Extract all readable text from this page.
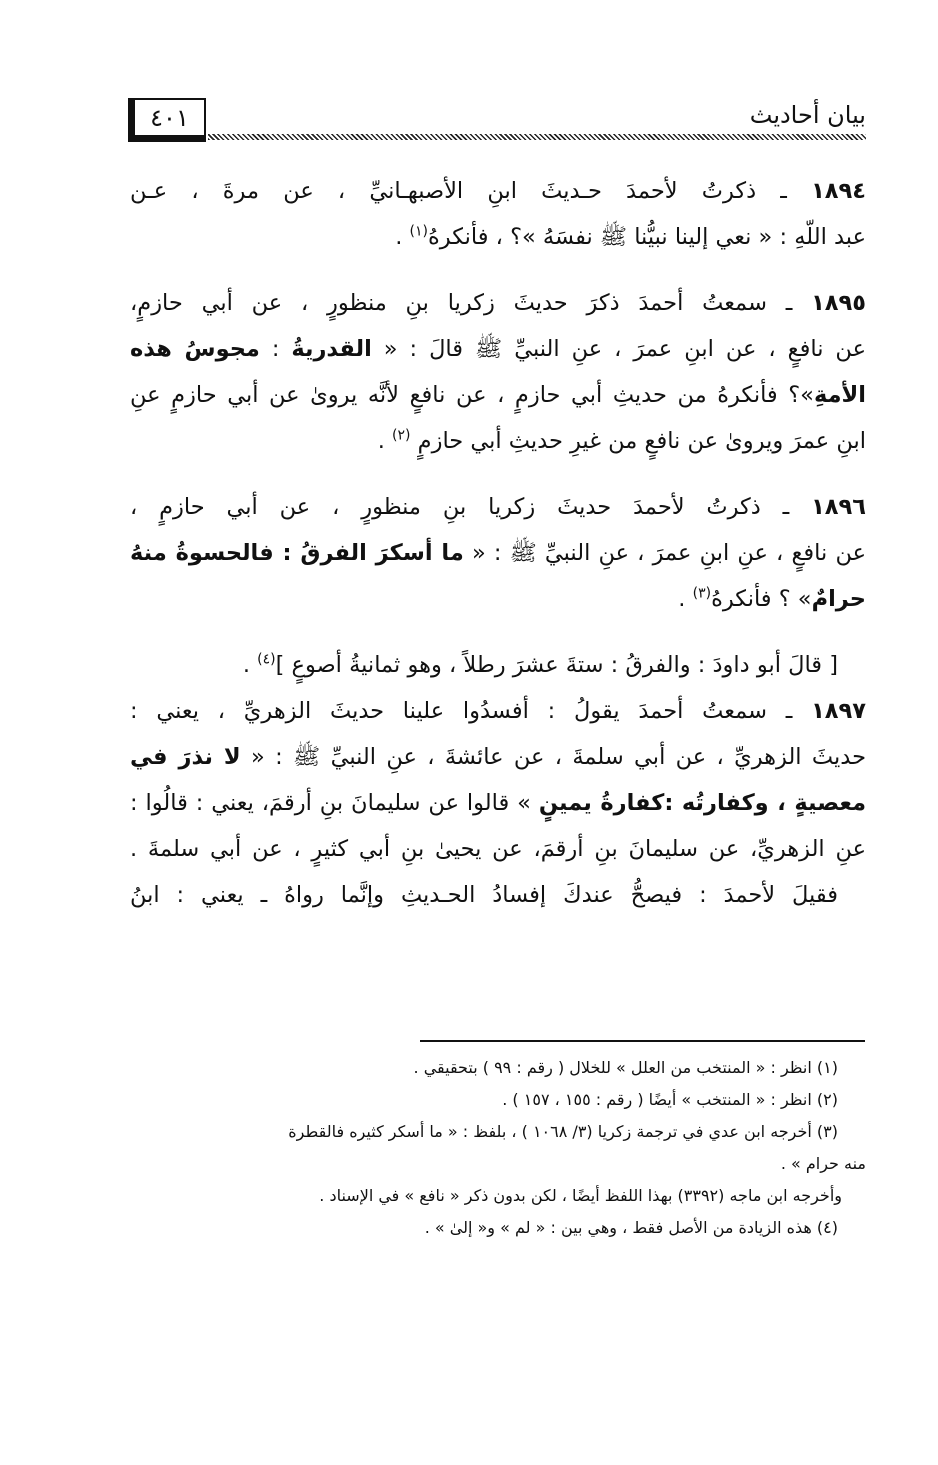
بيان أحاديث
٤٠١
١٨٩٤ ـ ذكرتُ لأحمدَ حـديثَ ابنِ الأصبهـانيِّ ، عن مرةَ ، عـن
عبد اللّهِ : « نعي إلينا نبيُّنا ﷺ نفسَهُ »؟ ، فأنكرهُ$^{(١)}$ .
١٨٩٥ ـ سمعتُ أحمدَ ذكرَ حديثَ زكريا بنِ منظورٍ ، عن أبي حازمٍ،
عن نافعٍ ، عن ابنِ عمرَ ، عنِ النبيِّ ﷺ قالَ : « القدريةُ : مجوسُ هذه
الأمةِ»؟ فأنكرهُ من حديثِ أبي حازمٍ ، عن نافعٍ لأنَّه يروىٰ عن أبي حازمٍ عنِ
ابنِ عمرَ ويروىٰ عن نافعٍ من غيرِ حديثِ أبي حازمٍ $^{(٢)}$ .
١٨٩٦ ـ ذكرتُ لأحمدَ حديثَ زكريا بنِ منظورٍ ، عن أبي حازمٍ ،
عن نافعٍ ، عنِ ابنِ عمرَ ، عنِ النبيِّ ﷺ : « ما أسكرَ الفرقُ : فالحسوةُ منهُ
حرامٌ» ؟ فأنكرهُ$^{(٣)}$ .
[ قالَ أبو داودَ : والفرقُ : ستةَ عشرَ رطلاً ، وهو ثمانيةُ أصوعٍ ]$^{(٤)}$ .
١٨٩٧ ـ سمعتُ أحمدَ يقولُ : أفسدُوا علينا حديثَ الزهريِّ ، يعني :
حديثَ الزهريِّ ، عن أبي سلمةَ ، عن عائشةَ ، عنِ النبيِّ ﷺ : « لا نذرَ في
معصيةٍ ، وكفارتُه :كفارةُ يمينٍ » قالوا عن سليمانَ بنِ أرقمَ، يعني : قالُوا :
عنِ الزهريِّ، عن سليمانَ بنِ أرقمَ، عن يحيىٰ بنِ أبي كثيرٍ ، عن أبي سلمةَ .
فقيلَ لأحمدَ : فيصحُّ عندكَ إفسادُ الحـديثِ وإنَّما رواهُ ـ يعني : ابنُ
(١) انظر : « المنتخب من العلل » للخلال ( رقم : ٩٩ ) بتحقيقي .
(٢) انظر : « المنتخب » أيضًا ( رقم : ١٥٥ ، ١٥٧ ) .
(٣) أخرجه ابن عدي في ترجمة زكريا (٣/ ١٠٦٨ ) ، بلفظ : « ما أسكر كثيره فالقطرة
منه حرام » .
وأخرجه ابن ماجه (٣٣٩٢) بهذا اللفظ أيضًا ، لكن بدون ذكر « نافع » في الإسناد .
(٤) هذه الزيادة من الأصل فقط ، وهي بين : « لم » و« إلىٰ » .
